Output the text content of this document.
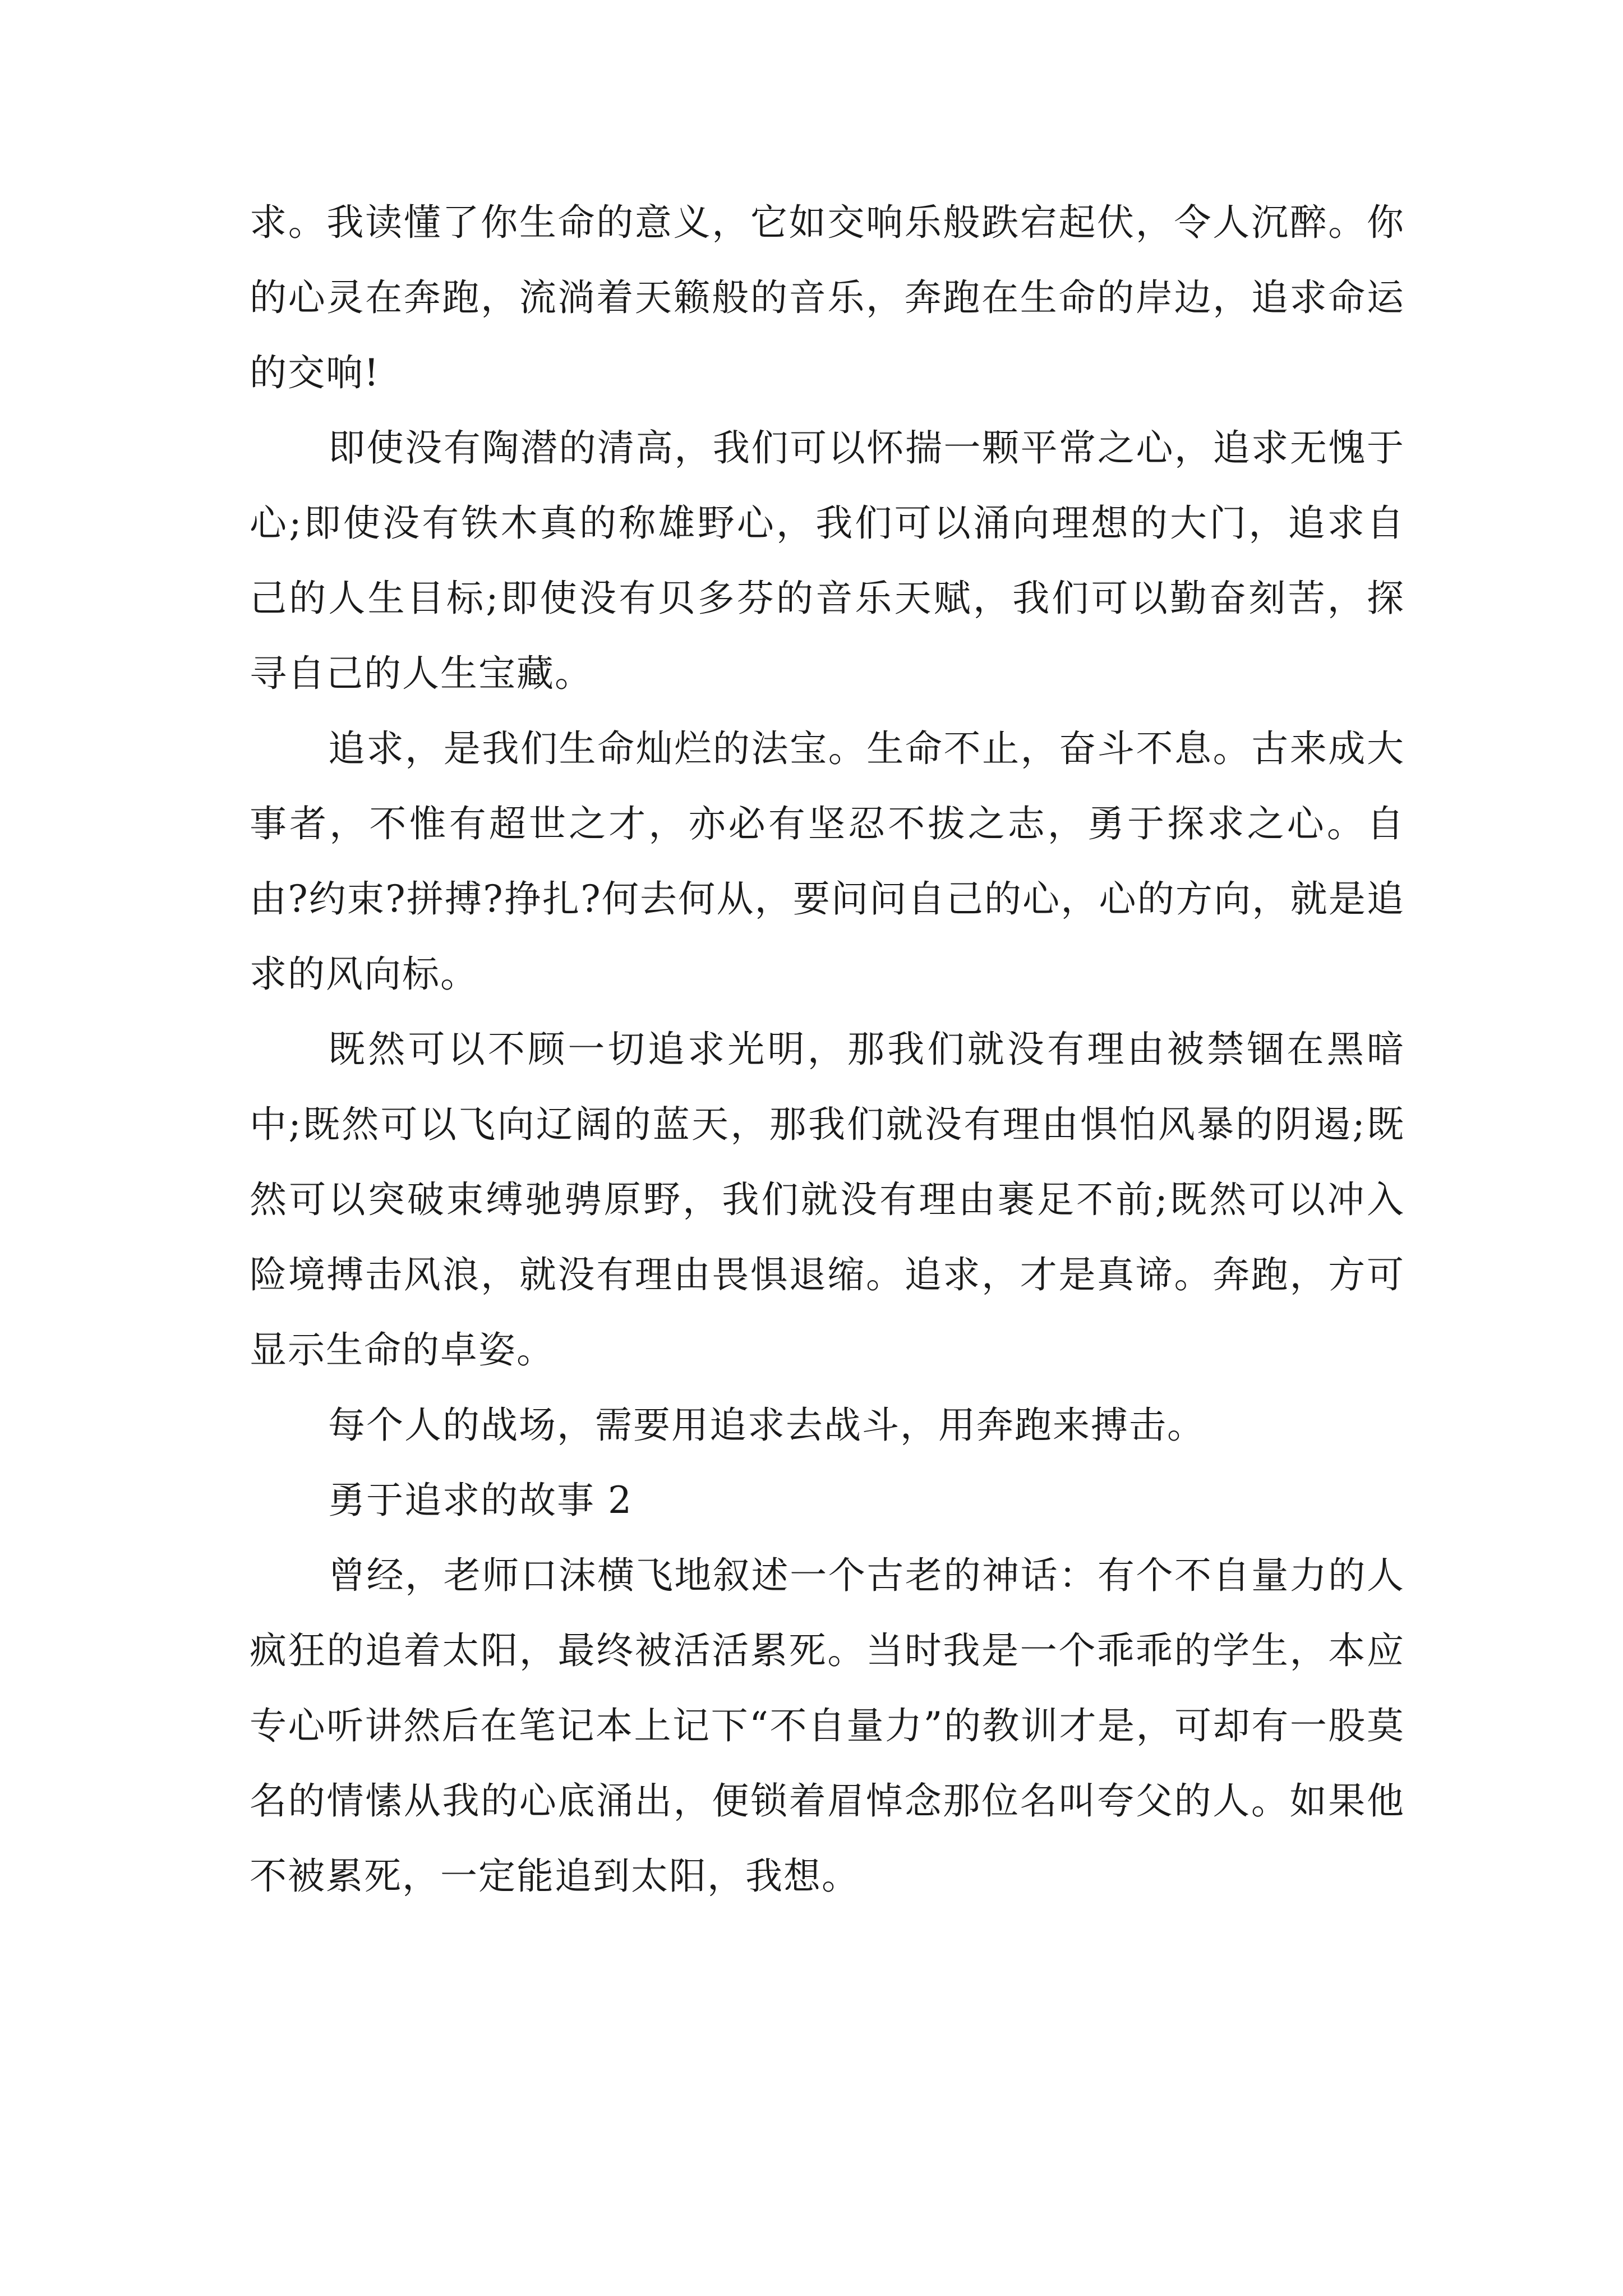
求。我读懂了你生命的意义，它如交响乐般跌宕起伏，令人沉醉。你的心灵在奔跑，流淌着天籁般的音乐，奔跑在生命的岸边，追求命运的交响!

即使没有陶潜的清高，我们可以怀揣一颗平常之心，追求无愧于心;即使没有铁木真的称雄野心，我们可以涌向理想的大门，追求自己的人生目标;即使没有贝多芬的音乐天赋，我们可以勤奋刻苦，探寻自己的人生宝藏。

追求，是我们生命灿烂的法宝。生命不止，奋斗不息。古来成大事者，不惟有超世之才，亦必有坚忍不拔之志，勇于探求之心。自由?约束?拼搏?挣扎?何去何从，要问问自己的心，心的方向，就是追求的风向标。

既然可以不顾一切追求光明，那我们就没有理由被禁锢在黑暗中;既然可以飞向辽阔的蓝天，那我们就没有理由惧怕风暴的阴遏;既然可以突破束缚驰骋原野，我们就没有理由裹足不前;既然可以冲入险境搏击风浪，就没有理由畏惧退缩。追求，才是真谛。奔跑，方可显示生命的卓姿。

每个人的战场，需要用追求去战斗，用奔跑来搏击。

勇于追求的故事 2

曾经，老师口沫横飞地叙述一个古老的神话：有个不自量力的人疯狂的追着太阳，最终被活活累死。当时我是一个乖乖的学生，本应专心听讲然后在笔记本上记下“不自量力”的教训才是，可却有一股莫名的情愫从我的心底涌出，便锁着眉悼念那位名叫夸父的人。如果他不被累死，一定能追到太阳，我想。
